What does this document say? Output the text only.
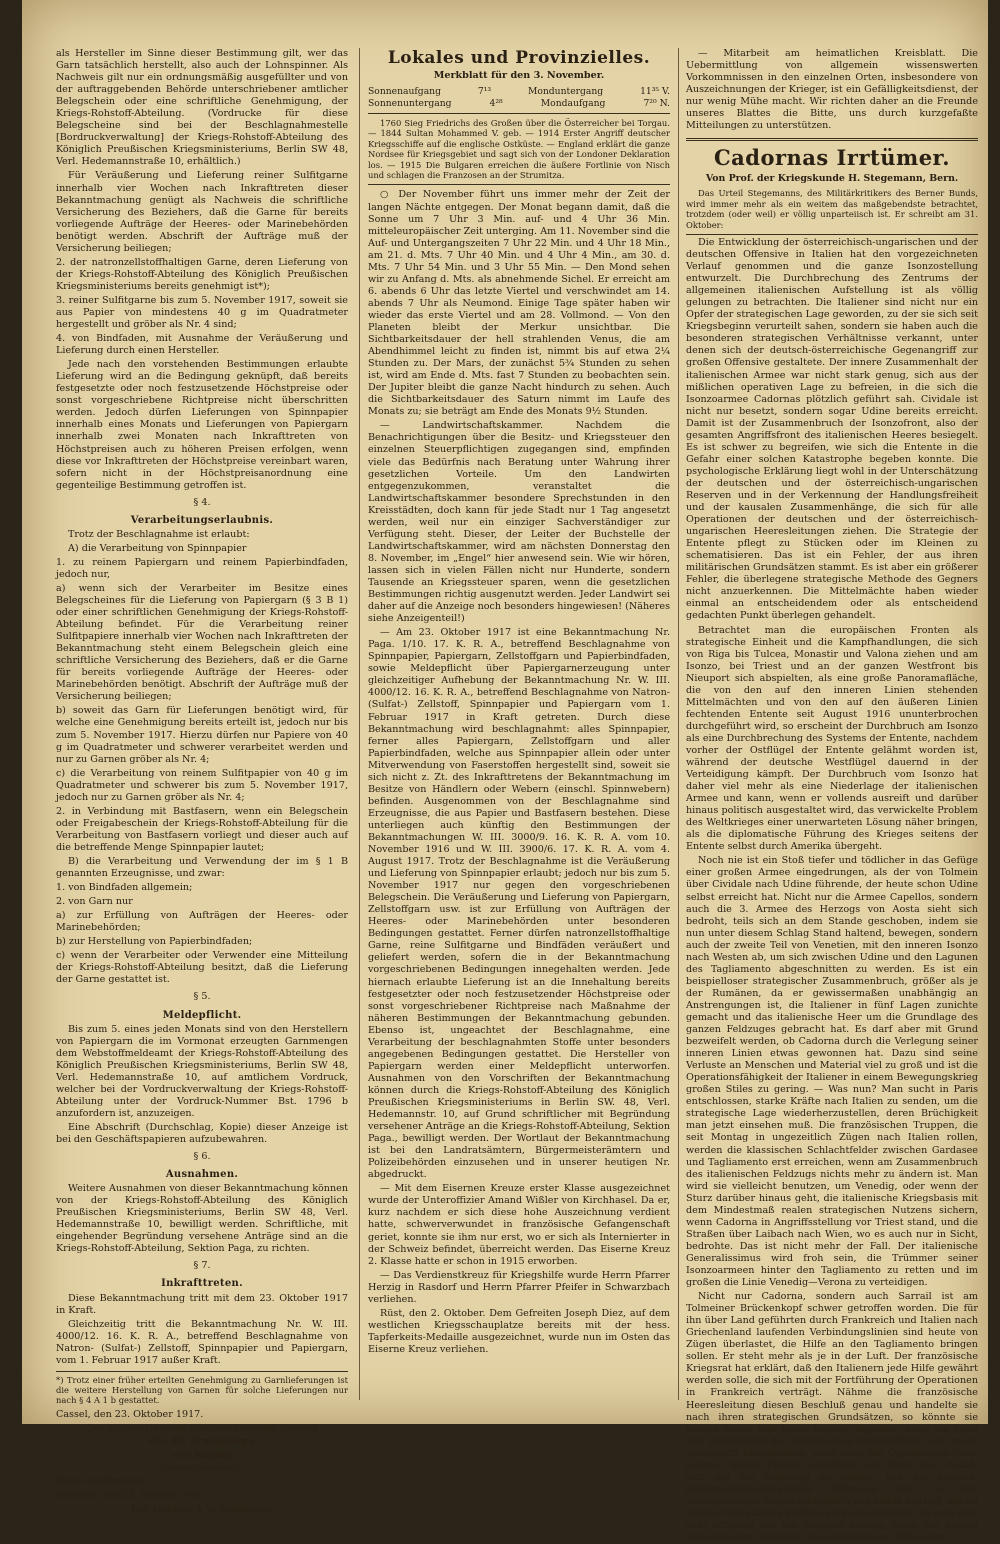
als Hersteller im Sinne dieser Bestimmung gilt, wer das Garn tatsächlich herstellt, also auch der Lohnspinner. Als Nachweis gilt nur ein ordnungsmäßig ausgefüllter und von der auftraggebenden Behörde unterschriebener amtlicher Belegschein oder eine schriftliche Genehmigung, der Kriegs-Rohstoff-Abteilung. (Vordrucke für diese Belegscheine sind bei der Beschlagnahmestelle [Bordruckverwaltung] der Kriegs-Rohstoff-Abteilung des Königlich Preußischen Kriegsministeriums, Berlin SW 48, Verl. Hedemannstraße 10, erhältlich.)

Für Veräußerung und Lieferung reiner Sulfitgarne innerhalb vier Wochen nach Inkrafttreten dieser Bekanntmachung genügt als Nachweis die schriftliche Versicherung des Beziehers, daß die Garne für bereits vorliegende Aufträge der Heeres- oder Marinebehörden benötigt werden. Abschrift der Aufträge muß der Versicherung beiliegen;

2. der natronzellstoffhaltigen Garne, deren Lieferung von der Kriegs-Rohstoff-Abteilung des Königlich Preußischen Kriegsministeriums bereits genehmigt ist*);

3. reiner Sulfitgarne bis zum 5. November 1917, soweit sie aus Papier von mindestens 40 g im Quadratmeter hergestellt und gröber als Nr. 4 sind;

4. von Bindfaden, mit Ausnahme der Veräußerung und Lieferung durch einen Hersteller.

Jede nach den vorstehenden Bestimmungen erlaubte Lieferung wird an die Bedingung geknüpft, daß bereits festgesetzte oder noch festzusetzende Höchstpreise oder sonst vorgeschriebene Richtpreise nicht überschritten werden. Jedoch dürfen Lieferungen von Spinnpapier innerhalb eines Monats und Lieferungen von Papiergarn innerhalb zwei Monaten nach Inkrafttreten von Höchstpreisen auch zu höheren Preisen erfolgen, wenn diese vor Inkrafttreten der Höchstpreise vereinbart waren, sofern nicht in der Höchstpreisanordnung eine gegenteilige Bestimmung getroffen ist.

§ 4.
Verarbeitungserlaubnis.

Trotz der Beschlagnahme ist erlaubt:

A) die Verarbeitung von Spinnpapier

1. zu reinem Papiergarn und reinem Papierbindfaden, jedoch nur,

a) wenn sich der Verarbeiter im Besitze eines Belegscheines für die Lieferung von Papiergarn (§ 3 B 1) oder einer schriftlichen Genehmigung der Kriegs-Rohstoff-Abteilung befindet. Für die Verarbeitung reiner Sulfitpapiere innerhalb vier Wochen nach Inkrafttreten der Bekanntmachung steht einem Belegschein gleich eine schriftliche Versicherung des Beziehers, daß er die Garne für bereits vorliegende Aufträge der Heeres- oder Marinebehörden benötigt. Abschrift der Aufträge muß der Versicherung beiliegen;

b) soweit das Garn für Lieferungen benötigt wird, für welche eine Genehmigung bereits erteilt ist, jedoch nur bis zum 5. November 1917. Hierzu dürfen nur Papiere von 40 g im Quadratmeter und schwerer verarbeitet werden und nur zu Garnen gröber als Nr. 4;

c) die Verarbeitung von reinem Sulfitpapier von 40 g im Quadratmeter und schwerer bis zum 5. November 1917, jedoch nur zu Garnen gröber als Nr. 4;

2. in Verbindung mit Bastfasern, wenn ein Belegschein oder Freigabeschein der Kriegs-Rohstoff-Abteilung für die Verarbeitung von Bastfasern vorliegt und dieser auch auf die betreffende Menge Spinnpapier lautet;

B) die Verarbeitung und Verwendung der im § 1 B genannten Erzeugnisse, und zwar:

1. von Bindfaden allgemein;

2. von Garn nur

a) zur Erfüllung von Aufträgen der Heeres- oder Marinebehörden;

b) zur Herstellung von Papierbindfaden;

c) wenn der Verarbeiter oder Verwender eine Mitteilung der Kriegs-Rohstoff-Abteilung besitzt, daß die Lieferung der Garne gestattet ist.

§ 5.
Meldepflicht.

Bis zum 5. eines jeden Monats sind von den Herstellern von Papiergarn die im Vormonat erzeugten Garnmengen dem Webstoffmeldeamt der Kriegs-Rohstoff-Abteilung des Königlich Preußischen Kriegsministeriums, Berlin SW 48, Verl. Hedemannstraße 10, auf amtlichem Vordruck, welcher bei der Vordruckverwaltung der Kriegs-Rohstoff-Abteilung unter der Vordruck-Nummer Bst. 1796 b anzufordern ist, anzuzeigen.

Eine Abschrift (Durchschlag, Kopie) dieser Anzeige ist bei den Geschäftspapieren aufzubewahren.

§ 6.
Ausnahmen.

Weitere Ausnahmen von dieser Bekanntmachung können von der Kriegs-Rohstoff-Abteilung des Königlich Preußischen Kriegsministeriums, Berlin SW 48, Verl. Hedemannstraße 10, bewilligt werden. Schriftliche, mit eingehender Begründung versehene Anträge sind an die Kriegs-Rohstoff-Abteilung, Sektion Paga, zu richten.

§ 7.
Inkrafttreten.

Diese Bekanntmachung tritt mit dem 23. Oktober 1917 in Kraft.

Gleichzeitig tritt die Bekanntmachung Nr. W. III. 4000/12. 16. K. R. A., betreffend Beschlagnahme von Natron- (Sulfat-) Zellstoff, Spinnpapier und Papiergarn, vom 1. Februar 1917 außer Kraft.

*) Trotz einer früher erteilten Genehmigung zu Garnlieferungen ist die weitere Herstellung von Garnen für solche Lieferungen nur nach § 4 A 1 b gestattet.

Cassel, den 23. Oktober 1917.

Der Stellvertretende Kommandierende General
des XI. Armeekorps
von Kehler,
Generalleutnant.

Wird veröffentlicht.

Hünfeld, den 23. Oktober 1917.

Der Landrat. J. V.: Delgmann.
Lokales und Provinzielles.
Merkblatt für den 3. November.
Sonnenaufgang	7¹³	Monduntergang	11³⁵ V.
Sonnenuntergang	4²⁸	Mondaufgang	7²⁰ N.

1760 Sieg Friedrichs des Großen über die Österreicher bei Torgau. — 1844 Sultan Mohammed V. geb. — 1914 Erster Angriff deutscher Kriegsschiffe auf die englische Ostküste. — England erklärt die ganze Nordsee für Kriegsgebiet und sagt sich von der Londoner Deklaration los. — 1915 Die Bulgaren erreichen die äußere Fortlinie von Nisch und schlagen die Franzosen an der Strumitza.

○ Der November führt uns immer mehr der Zeit der langen Nächte entgegen. Der Monat begann damit, daß die Sonne um 7 Uhr 3 Min. auf- und 4 Uhr 36 Min. mitteleuropäischer Zeit unterging. Am 11. November sind die Auf- und Untergangszeiten 7 Uhr 22 Min. und 4 Uhr 18 Min., am 21. d. Mts. 7 Uhr 40 Min. und 4 Uhr 4 Min., am 30. d. Mts. 7 Uhr 54 Min. und 3 Uhr 55 Min. — Den Mond sehen wir zu Anfang d. Mts. als abnehmende Sichel. Er erreicht am 6. abends 6 Uhr das letzte Viertel und verschwindet am 14. abends 7 Uhr als Neumond. Einige Tage später haben wir wieder das erste Viertel und am 28. Vollmond. — Von den Planeten bleibt der Merkur unsichtbar. Die Sichtbarkeitsdauer der hell strahlenden Venus, die am Abendhimmel leicht zu finden ist, nimmt bis auf etwa 2¼ Stunden zu. Der Mars, der zunächst 5¾ Stunden zu sehen ist, wird am Ende d. Mts. fast 7 Stunden zu beobachten sein. Der Jupiter bleibt die ganze Nacht hindurch zu sehen. Auch die Sichtbarkeitsdauer des Saturn nimmt im Laufe des Monats zu; sie beträgt am Ende des Monats 9½ Stunden.

— Landwirtschaftskammer. Nachdem die Benachrichtigungen über die Besitz- und Kriegssteuer den einzelnen Steuerpflichtigen zugegangen sind, empfinden viele das Bedürfnis nach Beratung unter Wahrung ihrer gesetzlichen Vorteile. Um den Landwirten entgegenzukommen, veranstaltet die Landwirtschaftskammer besondere Sprechstunden in den Kreisstädten, doch kann für jede Stadt nur 1 Tag angesetzt werden, weil nur ein einziger Sachverständiger zur Verfügung steht. Dieser, der Leiter der Buchstelle der Landwirtschaftskammer, wird am nächsten Donnerstag den 8. November, im „Engel“ hier anwesend sein. Wie wir hören, lassen sich in vielen Fällen nicht nur Hunderte, sondern Tausende an Kriegssteuer sparen, wenn die gesetzlichen Bestimmungen richtig ausgenutzt werden. Jeder Landwirt sei daher auf die Anzeige noch besonders hingewiesen! (Näheres siehe Anzeigenteil!)

— Am 23. Oktober 1917 ist eine Bekanntmachung Nr. Paga. 1/10. 17. K. R. A., betreffend Beschlagnahme von Spinnpapier, Papiergarn, Zellstoffgarn und Papierbindfaden, sowie Meldepflicht über Papiergarnerzeugung unter gleichzeitiger Aufhebung der Bekanntmachung Nr. W. III. 4000/12. 16. K. R. A., betreffend Beschlagnahme von Natron- (Sulfat-) Zellstoff, Spinnpapier und Papiergarn vom 1. Februar 1917 in Kraft getreten. Durch diese Bekanntmachung wird beschlagnahmt: alles Spinnpapier, ferner alles Papiergarn, Zellstoffgarn und aller Papierbindfaden, welche aus Spinnpapier allein oder unter Mitverwendung von Faserstoffen hergestellt sind, soweit sie sich nicht z. Zt. des Inkrafttretens der Bekanntmachung im Besitze von Händlern oder Webern (einschl. Spinnwebern) befinden. Ausgenommen von der Beschlagnahme sind Erzeugnisse, die aus Papier und Bastfasern bestehen. Diese unterliegen auch künftig den Bestimmungen der Bekanntmachungen W. III. 3000/9. 16. K. R. A. vom 10. November 1916 und W. III. 3900/6. 17. K. R. A. vom 4. August 1917. Trotz der Beschlagnahme ist die Veräußerung und Lieferung von Spinnpapier erlaubt; jedoch nur bis zum 5. November 1917 nur gegen den vorgeschriebenen Belegschein. Die Veräußerung und Lieferung von Papiergarn, Zellstoffgarn usw. ist zur Erfüllung von Aufträgen der Heeres- oder Marinebehörden unter besonderen Bedingungen gestattet. Ferner dürfen natronzellstoffhaltige Garne, reine Sulfitgarne und Bindfäden veräußert und geliefert werden, sofern die in der Bekanntmachung vorgeschriebenen Bedingungen innegehalten werden. Jede hiernach erlaubte Lieferung ist an die Innehaltung bereits festgesetzter oder noch festzusetzender Höchstpreise oder sonst vorgeschriebener Richtpreise nach Maßnahme der näheren Bestimmungen der Bekanntmachung gebunden. Ebenso ist, ungeachtet der Beschlagnahme, eine Verarbeitung der beschlagnahmten Stoffe unter besonders angegebenen Bedingungen gestattet. Die Hersteller von Papiergarn werden einer Meldepflicht unterworfen. Ausnahmen von den Vorschriften der Bekanntmachung können durch die Kriegs-Rohstoff-Abteilung des Königlich Preußischen Kriegsministeriums in Berlin SW. 48, Verl. Hedemannstr. 10, auf Grund schriftlicher mit Begründung versehener Anträge an die Kriegs-Rohstoff-Abteilung, Sektion Paga., bewilligt werden. Der Wortlaut der Bekanntmachung ist bei den Landratsämtern, Bürgermeisterämtern und Polizeibehörden einzusehen und in unserer heutigen Nr. abgedruckt.

— Mit dem Eisernen Kreuze erster Klasse ausgezeichnet wurde der Unteroffizier Amand Wißler von Kirchhasel. Da er, kurz nachdem er sich diese hohe Auszeichnung verdient hatte, schwerverwundet in französische Gefangenschaft geriet, konnte sie ihm nur erst, wo er sich als Internierter in der Schweiz befindet, überreicht werden. Das Eiserne Kreuz 2. Klasse hatte er schon in 1915 erworben.

— Das Verdienstkreuz für Kriegshilfe wurde Herrn Pfarrer Herzig in Rasdorf und Herrn Pfarrer Pfeifer in Schwarzbach verliehen.

Rüst, den 2. Oktober. Dem Gefreiten Joseph Diez, auf dem westlichen Kriegsschauplatze bereits mit der hess. Tapferkeits-Medaille ausgezeichnet, wurde nun im Osten das Eiserne Kreuz verliehen.

— Mitarbeit am heimatlichen Kreisblatt. Die Uebermittlung von allgemein wissenswerten Vorkommnissen in den einzelnen Orten, insbesondere von Auszeichnungen der Krieger, ist ein Gefälligkeitsdienst, der nur wenig Mühe macht. Wir richten daher an die Freunde unseres Blattes die Bitte, uns durch kurzgefaßte Mitteilungen zu unterstützen.

Cadornas Irrtümer.
Von Prof. der Kriegskunde H. Stegemann, Bern.

Das Urteil Stegemanns, des Militärkritikers des Berner Bunds, wird immer mehr als ein weitem das maßgebendste betrachtet, trotzdem (oder weil) er völlig unparteiisch ist. Er schreibt am 31. Oktober:

Die Entwicklung der österreichisch-ungarischen und der deutschen Offensive in Italien hat den vorgezeichneten Verlauf genommen und die ganze Isonzostellung entwurzelt. Die Durchbrechung des Zentrums der allgemeinen italienischen Aufstellung ist als völlig gelungen zu betrachten. Die Italiener sind nicht nur ein Opfer der strategischen Lage geworden, zu der sie sich seit Kriegsbeginn verurteilt sahen, sondern sie haben auch die besonderen strategischen Verhältnisse verkannt, unter denen sich der deutsch-österreichische Gegenangriff zur großen Offensive gestaltete. Der innere Zusammenhalt der italienischen Armee war nicht stark genug, sich aus der mißlichen operativen Lage zu befreien, in die sich die Isonzoarmee Cadornas plötzlich geführt sah. Cividale ist nicht nur besetzt, sondern sogar Udine bereits erreicht. Damit ist der Zusammenbruch der Isonzofront, also der gesamten Angriffsfront des italienischen Heeres besiegelt. Es ist schwer zu begreifen, wie sich die Entente in die Gefahr einer solchen Katastrophe begeben konnte. Die psychologische Erklärung liegt wohl in der Unterschätzung der deutschen und der österreichisch-ungarischen Reserven und in der Verkennung der Handlungsfreiheit und der kausalen Zusammenhänge, die sich für alle Operationen der deutschen und der österreichisch-ungarischen Heeresleitungen ziehen. Die Strategie der Entente pflegt zu Stücken oder im Kleinen zu schematisieren. Das ist ein Fehler, der aus ihren militärischen Grundsätzen stammt. Es ist aber ein größerer Fehler, die überlegene strategische Methode des Gegners nicht anzuerkennen. Die Mittelmächte haben wieder einmal an entscheidendem oder als entscheidend gedachten Punkt überlegen gehandelt.

Betrachtet man die europäischen Fronten als strategische Einheit und die Kampfhandlungen, die sich von Riga bis Tulcea, Monastir und Valona ziehen und am Isonzo, bei Triest und an der ganzen Westfront bis Nieuport sich abspielten, als eine große Panoramafläche, die von den auf den inneren Linien stehenden Mittelmächten und von den auf den äußeren Linien fechtenden Entente seit August 1916 ununterbrochen durchgeführt wird, so erscheint der Durchbruch am Isonzo als eine Durchbrechung des Systems der Entente, nachdem vorher der Ostflügel der Entente gelähmt worden ist, während der deutsche Westflügel dauernd in der Verteidigung kämpft. Der Durchbruch vom Isonzo hat daher viel mehr als eine Niederlage der italienischen Armee und kann, wenn er vollends ausreift und darüber hinaus politisch ausgestaltet wird, das verwickelte Problem des Weltkrieges einer unerwarteten Lösung näher bringen, als die diplomatische Führung des Krieges seitens der Entente selbst durch Amerika übergeht.

Noch nie ist ein Stoß tiefer und tödlicher in das Gefüge einer großen Armee eingedrungen, als der von Tolmein über Cividale nach Udine führende, der heute schon Udine selbst erreicht hat. Nicht nur die Armee Capellos, sondern auch die 3. Armee des Herzogs von Aosta sieht sich bedroht, teils sich an dem Stande geschoben, indem sie nun unter diesem Schlag Stand haltend, bewegen, sondern auch der zweite Teil von Venetien, mit den inneren Isonzo nach Westen ab, um sich zwischen Udine und den Lagunen des Tagliamento abgeschnitten zu werden. Es ist ein beispielloser strategischer Zusammenbruch, größer als je der Rumänen, da er gewissermaßen unabhängig an Anstrengungen ist, die Italiener in fünf Lagen zunichte gemacht und das italienische Heer um die Grundlage des ganzen Feldzuges gebracht hat. Es darf aber mit Grund bezweifelt werden, ob Cadorna durch die Verlegung seiner inneren Linien etwas gewonnen hat. Dazu sind seine Verluste an Menschen und Material viel zu groß und ist die Operationsfähigkeit der Italiener in einem Bewegungskrieg großen Stiles zu gering. — Was nun? Man sucht in Paris entschlossen, starke Kräfte nach Italien zu senden, um die strategische Lage wiederherzustellen, deren Brüchigkeit man jetzt einsehen muß. Die französischen Truppen, die seit Montag in ungezeitlich Zügen nach Italien rollen, werden die klassischen Schlachtfelder zwischen Gardasee und Tagliamento erst erreichen, wenn am Zusammenbruch des italienischen Feldzugs nichts mehr zu ändern ist. Man wird sie vielleicht benutzen, um Venedig, oder wenn der Sturz darüber hinaus geht, die italienische Kriegsbasis mit dem Mindestmaß realen strategischen Nutzens sichern, wenn Cadorna in Angriffsstellung vor Triest stand, und die Straßen über Laibach nach Wien, wo es auch nur in Sicht, bedrohte. Das ist nicht mehr der Fall. Der italienische Generalissimus wird froh sein, die Trümmer seiner Isonzoarmeen hinter den Tagliamento zu retten und im großen die Linie Venedig—Verona zu verteidigen.

Nicht nur Cadorna, sondern auch Sarrail ist am Tolmeiner Brückenkopf schwer getroffen worden. Die für ihn über Land geführten durch Frankreich und Italien nach Griechenland laufenden Verbindungslinien sind heute von Zügen überlastet, die Hilfe an den Tagliamento bringen sollen. Er steht mehr als je in der Luft. Der französische Kriegsrat hat erklärt, daß den Italienern jede Hilfe gewährt werden solle, die sich mit der Fortführung der Operationen in Frankreich verträgt. Nähme die französische Heeresleitung diesen Beschluß genau und handelte sie nach ihren strategischen Grundsätzen, so könnte sie keinen Mann und keine Kanone abgeben, denn sie kann den Durchbruch der italienischen Schlachtlinie nicht mehr wesentlich beeinflussen, wohl aber die Operationen ihres eigenen linken Flügels schädigen und hätte aber Anlaß, sich mit der Hoffnung zu trösten, daß die deutsch-österreichisch-ungarische Offensive sich in der venezianischen Ebene schließlich von selbst totläuft, als sie verdaut mit starken Kräften entgegenzutreten. Es muß also sehr schlimm um die Italiener stehen, wenn die klugen französischen Generale ihnen trotzdem zu Hilfe eilen.
